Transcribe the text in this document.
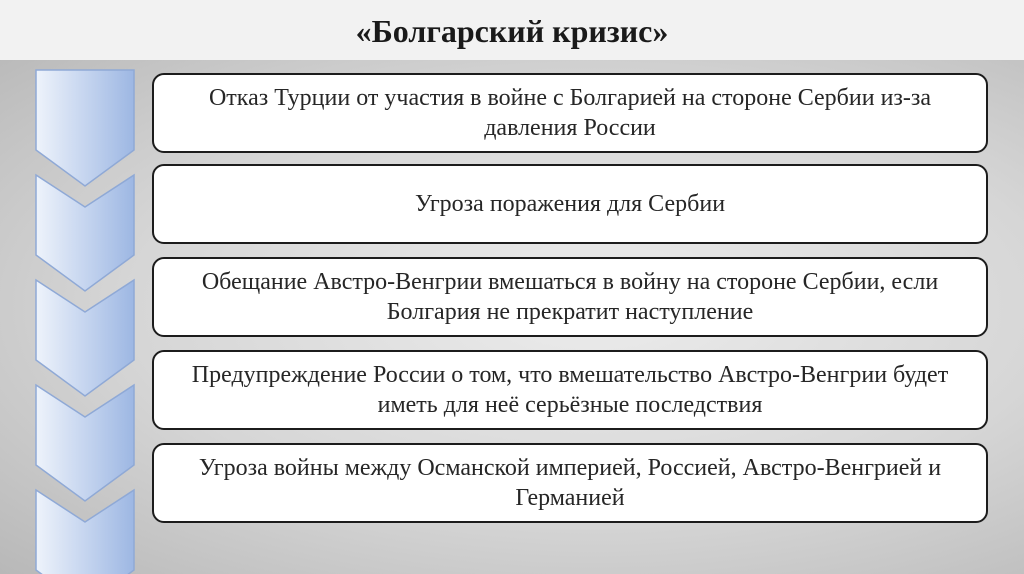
«Болгарский кризис»
Отказ Турции от участия в войне с Болгарией на стороне Сербии из-за давления России
Угроза поражения для Сербии
Обещание Австро-Венгрии вмешаться в войну на стороне Сербии, если Болгария не прекратит наступление
Предупреждение России о том, что вмешательство Австро-Венгрии будет иметь для неё серьёзные последствия
Угроза войны между Османской империей, Россией, Австро-Венгрией и Германией
